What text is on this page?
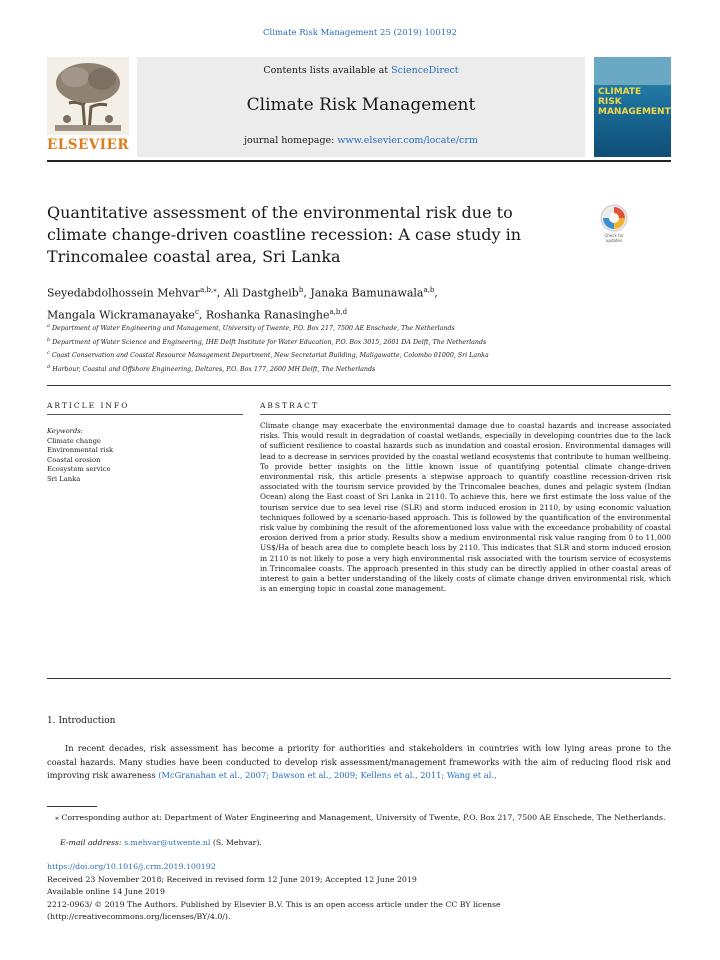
Climate Risk Management 25 (2019) 100192
ELSEVIER
Contents lists available at ScienceDirect
Climate Risk Management
journal homepage: www.elsevier.com/locate/crm
CLIMATE RISK MANAGEMENT
Quantitative assessment of the environmental risk due to climate change-driven coastline recession: A case study in Trincomalee coastal area, Sri Lanka
Check for updates
Seyedabdolhossein Mehvar$^{a,b,⁎}$, Ali Dastgheib$^b$, Janaka Bamunawala$^{a,b}$,
Mangala Wickramanayake$^c$, Roshanka Ranasinghe$^{a,b,d}$
$^a$ Department of Water Engineering and Management, University of Twente, P.O. Box 217, 7500 AE Enschede, The Netherlands
$^b$ Department of Water Science and Engineering, IHE Delft Institute for Water Education, P.O. Box 3015, 2601 DA Delft, The Netherlands
$^c$ Coast Conservation and Coastal Resource Management Department, New Secretariat Building, Maligawatte, Colombo 01000, Sri Lanka
$^d$ Harbour, Coastal and Offshore Engineering, Deltares, P.O. Box 177, 2600 MH Delft, The Netherlands
ARTICLE INFO	ABSTRACT
Keywords:
Climate change
Environmental risk
Coastal erosion
Ecosystem service
Sri Lanka
Climate change may exacerbate the environmental damage due to coastal hazards and increase associated risks. This would result in degradation of coastal wetlands, especially in developing countries due to the lack of sufficient resilience to coastal hazards such as inundation and coastal erosion. Environmental damages will lead to a decrease in services provided by the coastal wetland ecosystems that contribute to human wellbeing. To provide better insights on the little known issue of quantifying potential climate change-driven environmental risk, this article presents a stepwise approach to quantify coastline recession-driven risk associated with the tourism service provided by the Trincomalee beaches, dunes and pelagic system (Indian Ocean) along the East coast of Sri Lanka in 2110. To achieve this, here we first estimate the loss value of the tourism service due to sea level rise (SLR) and storm induced erosion in 2110, by using economic valuation techniques followed by a scenario-based approach. This is followed by the quantification of the environmental risk value by combining the result of the aforementioned loss value with the exceedance probability of coastal erosion derived from a prior study. Results show a medium environmental risk value ranging from 0 to 11,000 US$/Ha of beach area due to complete beach loss by 2110. This indicates that SLR and storm induced erosion in 2110 is not likely to pose a very high environmental risk associated with the tourism service of ecosystems in Trincomalee coasts. The approach presented in this study can be directly applied in other coastal areas of interest to gain a better understanding of the likely costs of climate change driven environmental risk, which is an emerging topic in coastal zone management.
1. Introduction
In recent decades, risk assessment has become a priority for authorities and stakeholders in countries with low lying areas prone to the coastal hazards. Many studies have been conducted to develop risk assessment/management frameworks with the aim of reducing flood risk and improving risk awareness (McGranahan et al., 2007; Dawson et al., 2009; Kellens et al., 2011; Wang et al.,
⁎ Corresponding author at: Department of Water Engineering and Management, University of Twente, P.O. Box 217, 7500 AE Enschede, The Netherlands.
E-mail address: s.mehvar@utwente.nl (S. Mehvar).
https://doi.org/10.1016/j.crm.2019.100192
Received 23 November 2018; Received in revised form 12 June 2019; Accepted 12 June 2019
Available online 14 June 2019
2212-0963/ © 2019 The Authors. Published by Elsevier B.V. This is an open access article under the CC BY license
(http://creativecommons.org/licenses/BY/4.0/).
